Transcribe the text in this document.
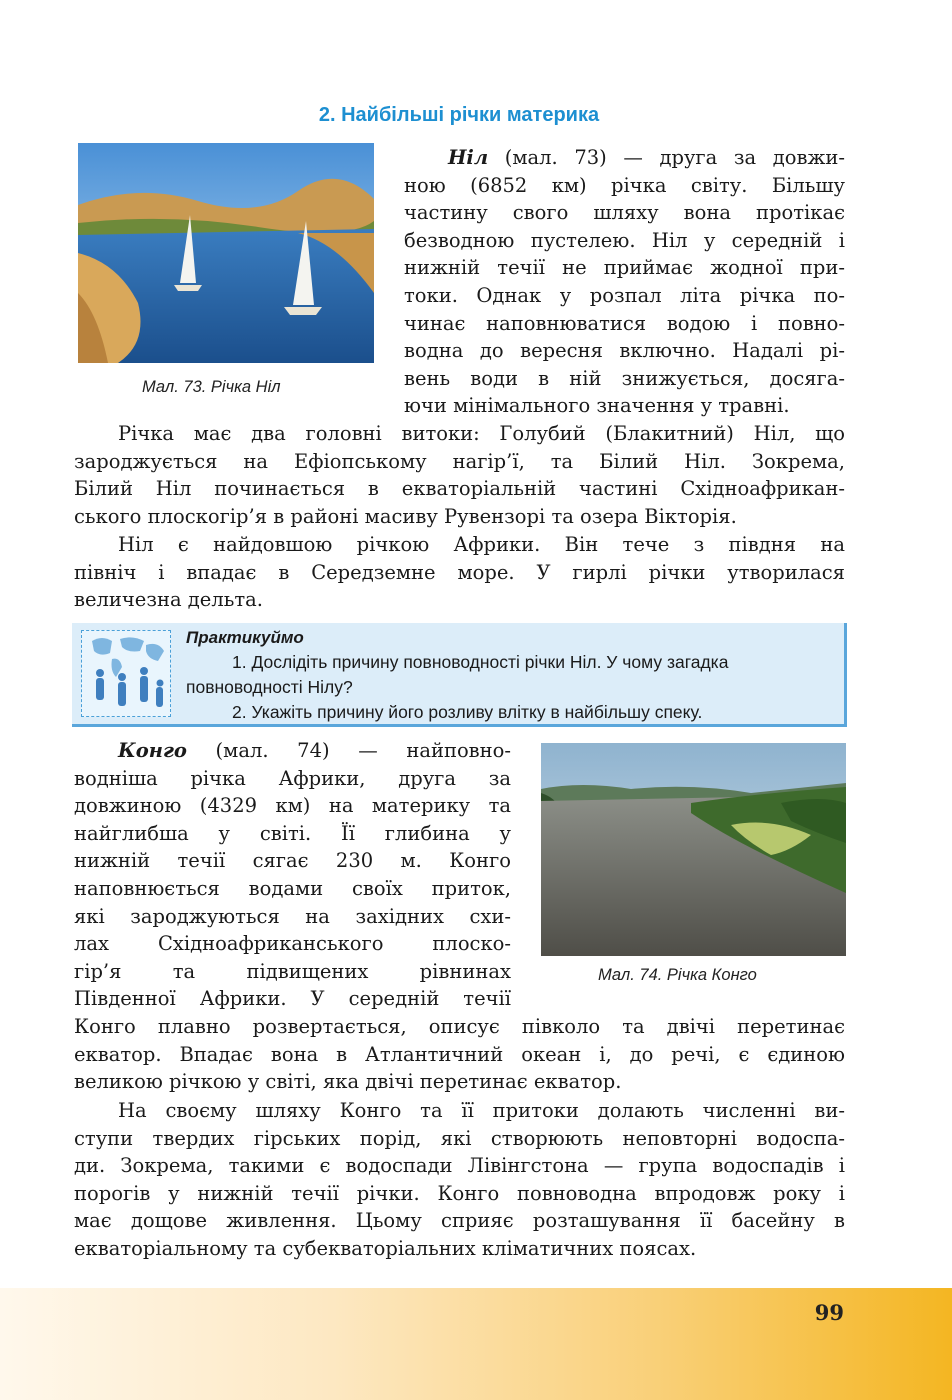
2. Найбільші річки материка
Мал. 73. Річка Ніл
Ніл (мал. 73) — друга за довжи-
ною (6852 км) річка світу. Більшу
частину свого шляху вона протікає
безводною пустелею. Ніл у середній і
нижній течії не приймає жодної при-
токи. Однак у розпал літа річка по-
чинає наповнюватися водою і повно-
водна до вересня включно. Надалі рі-
вень води в ній знижується, досяга-
ючи мінімального значення у травні.
Річка має два головні витоки: Голубий (Блакитний) Ніл, що
зароджується на Ефіопському нагір’ї, та Білий Ніл. Зокрема,
Білий Ніл починається в екваторіальній частині Східноафрикан-
ського плоскогір’я в районі масиву Рувензорі та озера Вікторія.
Ніл є найдовшою річкою Африки. Він тече з півдня на
північ і впадає в Середземне море. У гирлі річки утворилася
величезна дельта.
Практикуймо
1. Дослідіть причину повноводності річки Ніл. У чому загадка
повноводності Нілу?
2. Укажіть причину його розливу влітку в найбільшу спеку.
Мал. 74. Річка Конго
Конго (мал. 74) — найповно-
водніша річка Африки, друга за
довжиною (4329 км) на материку та
найглибша у світі. Її глибина у
нижній течії сягає 230 м. Конго
наповнюється водами своїх приток,
які зароджуються на західних схи-
лах Східноафриканського плоско-
гір’я та підвищених рівнинах
Південної Африки. У середній течії
Конго плавно розвертається, описує півколо та двічі перетинає
екватор. Впадає вона в Атлантичний океан і, до речі, є єдиною
великою річкою у світі, яка двічі перетинає екватор.
На своєму шляху Конго та її притоки долають численні ви-
ступи твердих гірських порід, які створюють неповторні водоспа-
ди. Зокрема, такими є водоспади Лівінгстона — група водоспадів і
порогів у нижній течії річки. Конго повноводна впродовж року і
має дощове живлення. Цьому сприяє розташування її басейну в
екваторіальному та субекваторіальних кліматичних поясах.
99
